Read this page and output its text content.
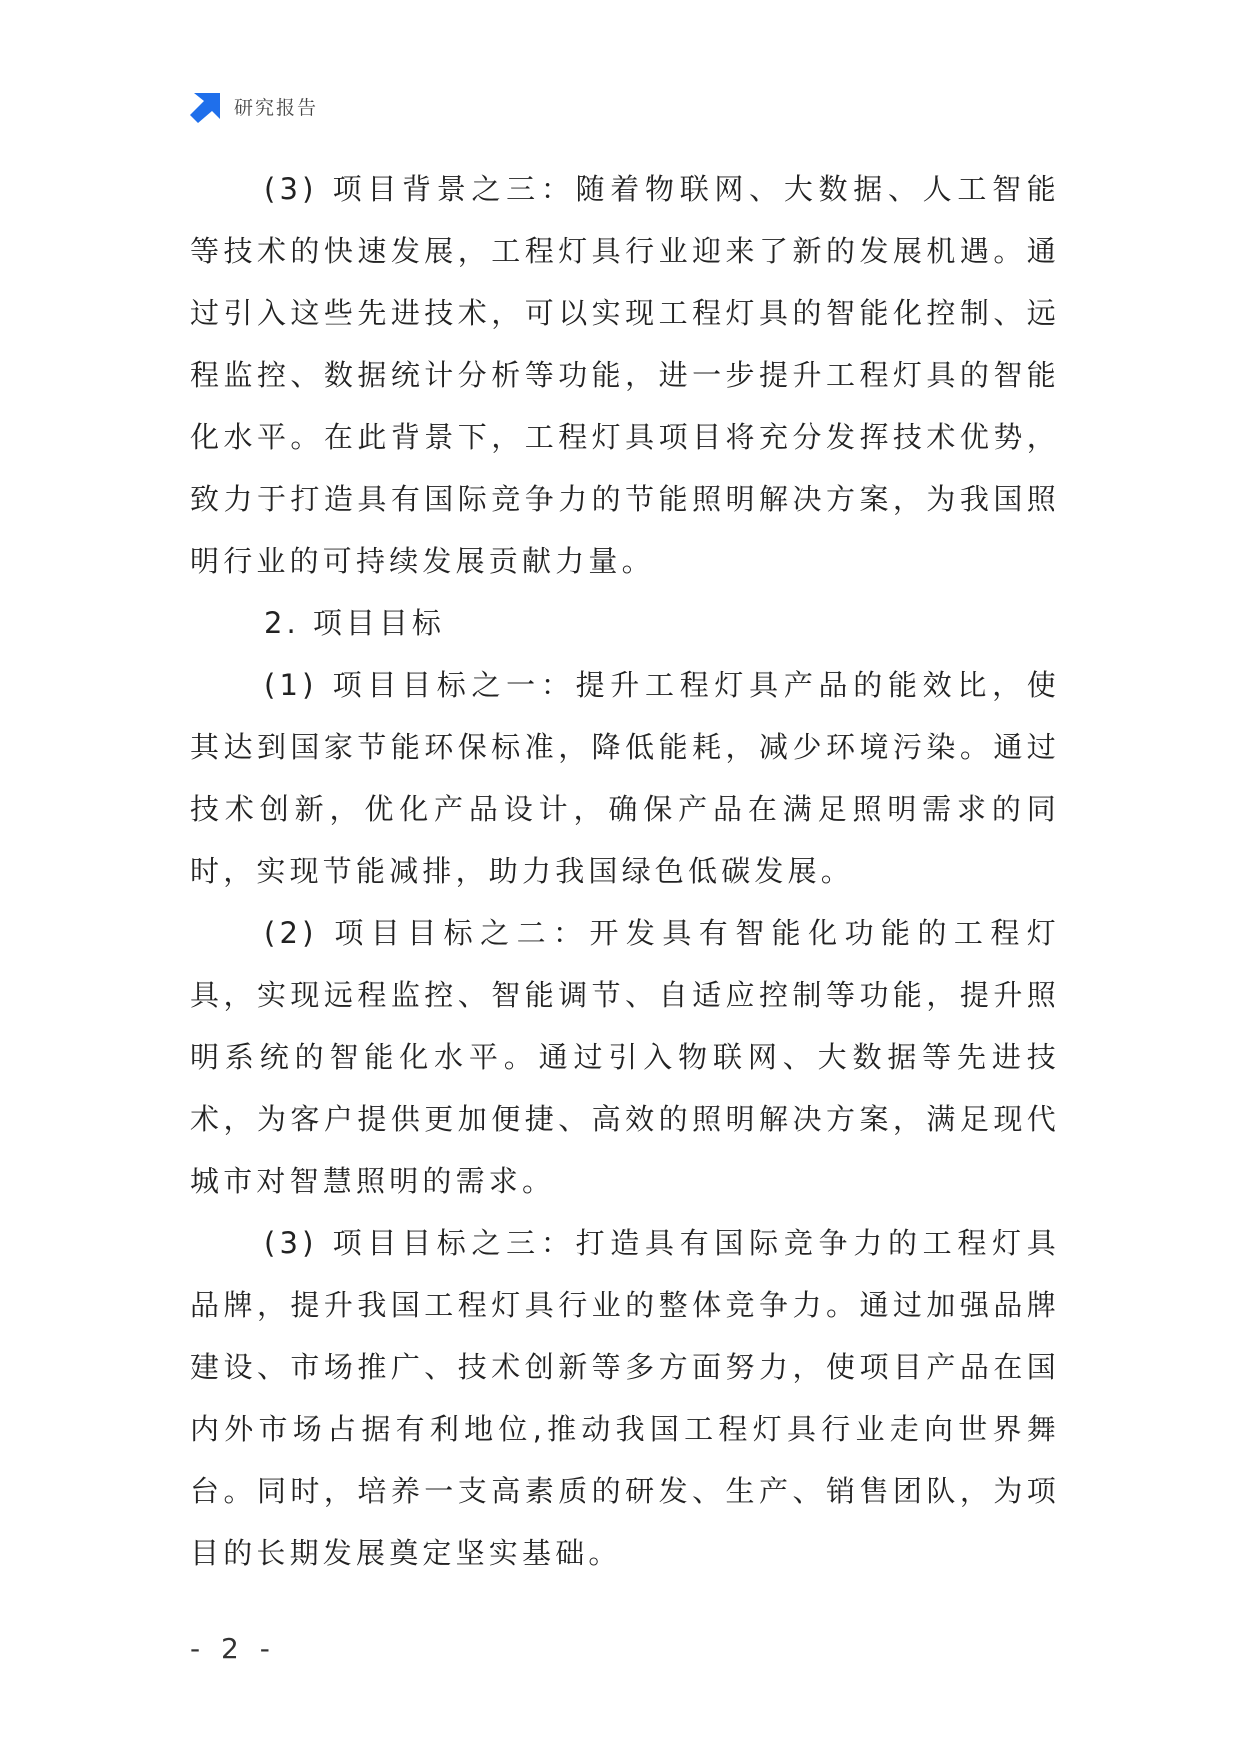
研究报告

(3) 项目背景之三：随着物联网、大数据、人工智能等技术的快速发展，工程灯具行业迎来了新的发展机遇。通过引入这些先进技术，可以实现工程灯具的智能化控制、远程监控、数据统计分析等功能，进一步提升工程灯具的智能化水平。在此背景下，工程灯具项目将充分发挥技术优势，致力于打造具有国际竞争力的节能照明解决方案，为我国照明行业的可持续发展贡献力量。

2. 项目目标

(1) 项目目标之一：提升工程灯具产品的能效比，使其达到国家节能环保标准，降低能耗，减少环境污染。通过技术创新，优化产品设计，确保产品在满足照明需求的同时，实现节能减排，助力我国绿色低碳发展。

(2) 项目目标之二：开发具有智能化功能的工程灯具，实现远程监控、智能调节、自适应控制等功能，提升照明系统的智能化水平。通过引入物联网、大数据等先进技术，为客户提供更加便捷、高效的照明解决方案，满足现代城市对智慧照明的需求。

(3) 项目目标之三：打造具有国际竞争力的工程灯具品牌，提升我国工程灯具行业的整体竞争力。通过加强品牌建设、市场推广、技术创新等多方面努力，使项目产品在国内外市场占据有利地位,推动我国工程灯具行业走向世界舞台。同时，培养一支高素质的研发、生产、销售团队，为项目的长期发展奠定坚实基础。

- 2 -
